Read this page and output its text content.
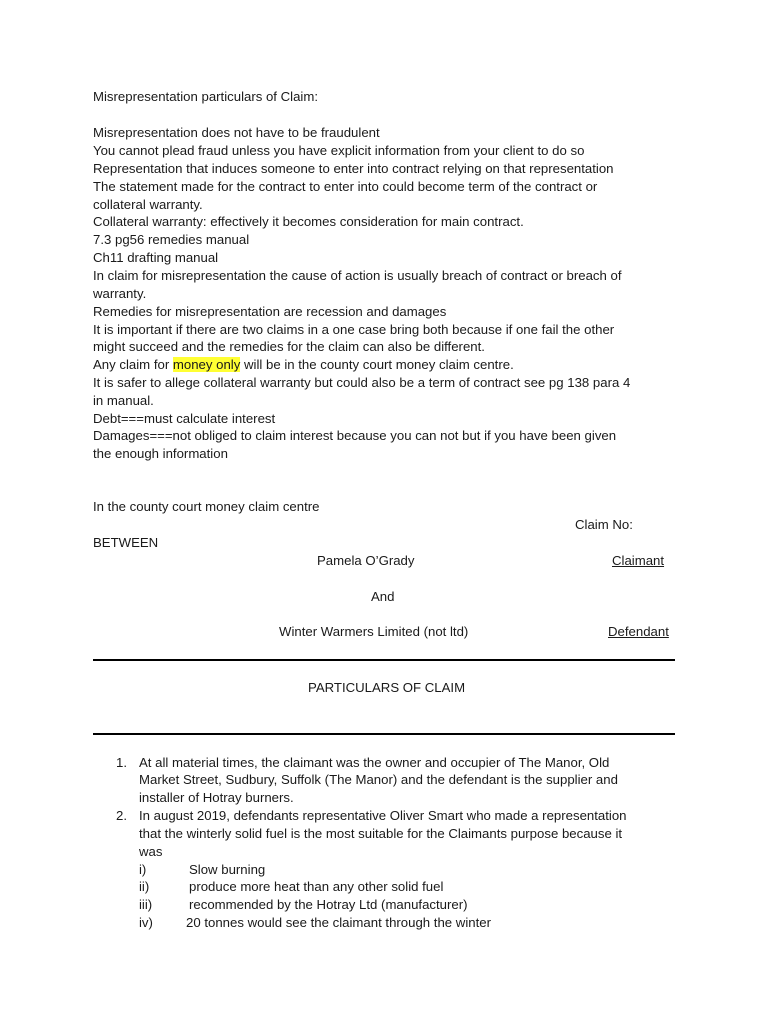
Misrepresentation particulars of Claim:
Misrepresentation does not have to be fraudulent
You cannot plead fraud unless you have explicit information from your client to do so
Representation that induces someone to enter into contract relying on that representation
The statement made for the contract to enter into could become term of the contract or
collateral warranty.
Collateral warranty: effectively it becomes consideration for main contract.
7.3 pg56 remedies manual
Ch11 drafting manual
In claim for misrepresentation the cause of action is usually breach of contract or breach of
warranty.
Remedies for misrepresentation are recession and damages
It is important if there are two claims in a one case bring both because if one fail the other
might succeed and the remedies for the claim can also be different.
Any claim for money only will be in the county court money claim centre.
It is safer to allege collateral warranty but could also be a term of contract see pg 138 para 4
in manual.
Debt===must calculate interest
Damages===not obliged to claim interest because you can not but if you have been given
the enough information
In the county court money claim centre
Claim No:
BETWEEN
Pamela O’Grady	Claimant
And
Winter Warmers Limited (not ltd)	Defendant
PARTICULARS OF CLAIM
1. At all material times, the claimant was the owner and occupier of The Manor, Old
Market Street, Sudbury, Suffolk (The Manor) and the defendant is the supplier and
installer of Hotray burners.
2. In august 2019, defendants representative Oliver Smart who made a representation
that the winterly solid fuel is the most suitable for the Claimants purpose because it
was
i)	Slow burning
ii)	produce more heat than any other solid fuel
iii)	recommended by the Hotray Ltd (manufacturer)
iv)	20 tonnes would see the claimant through the winter
